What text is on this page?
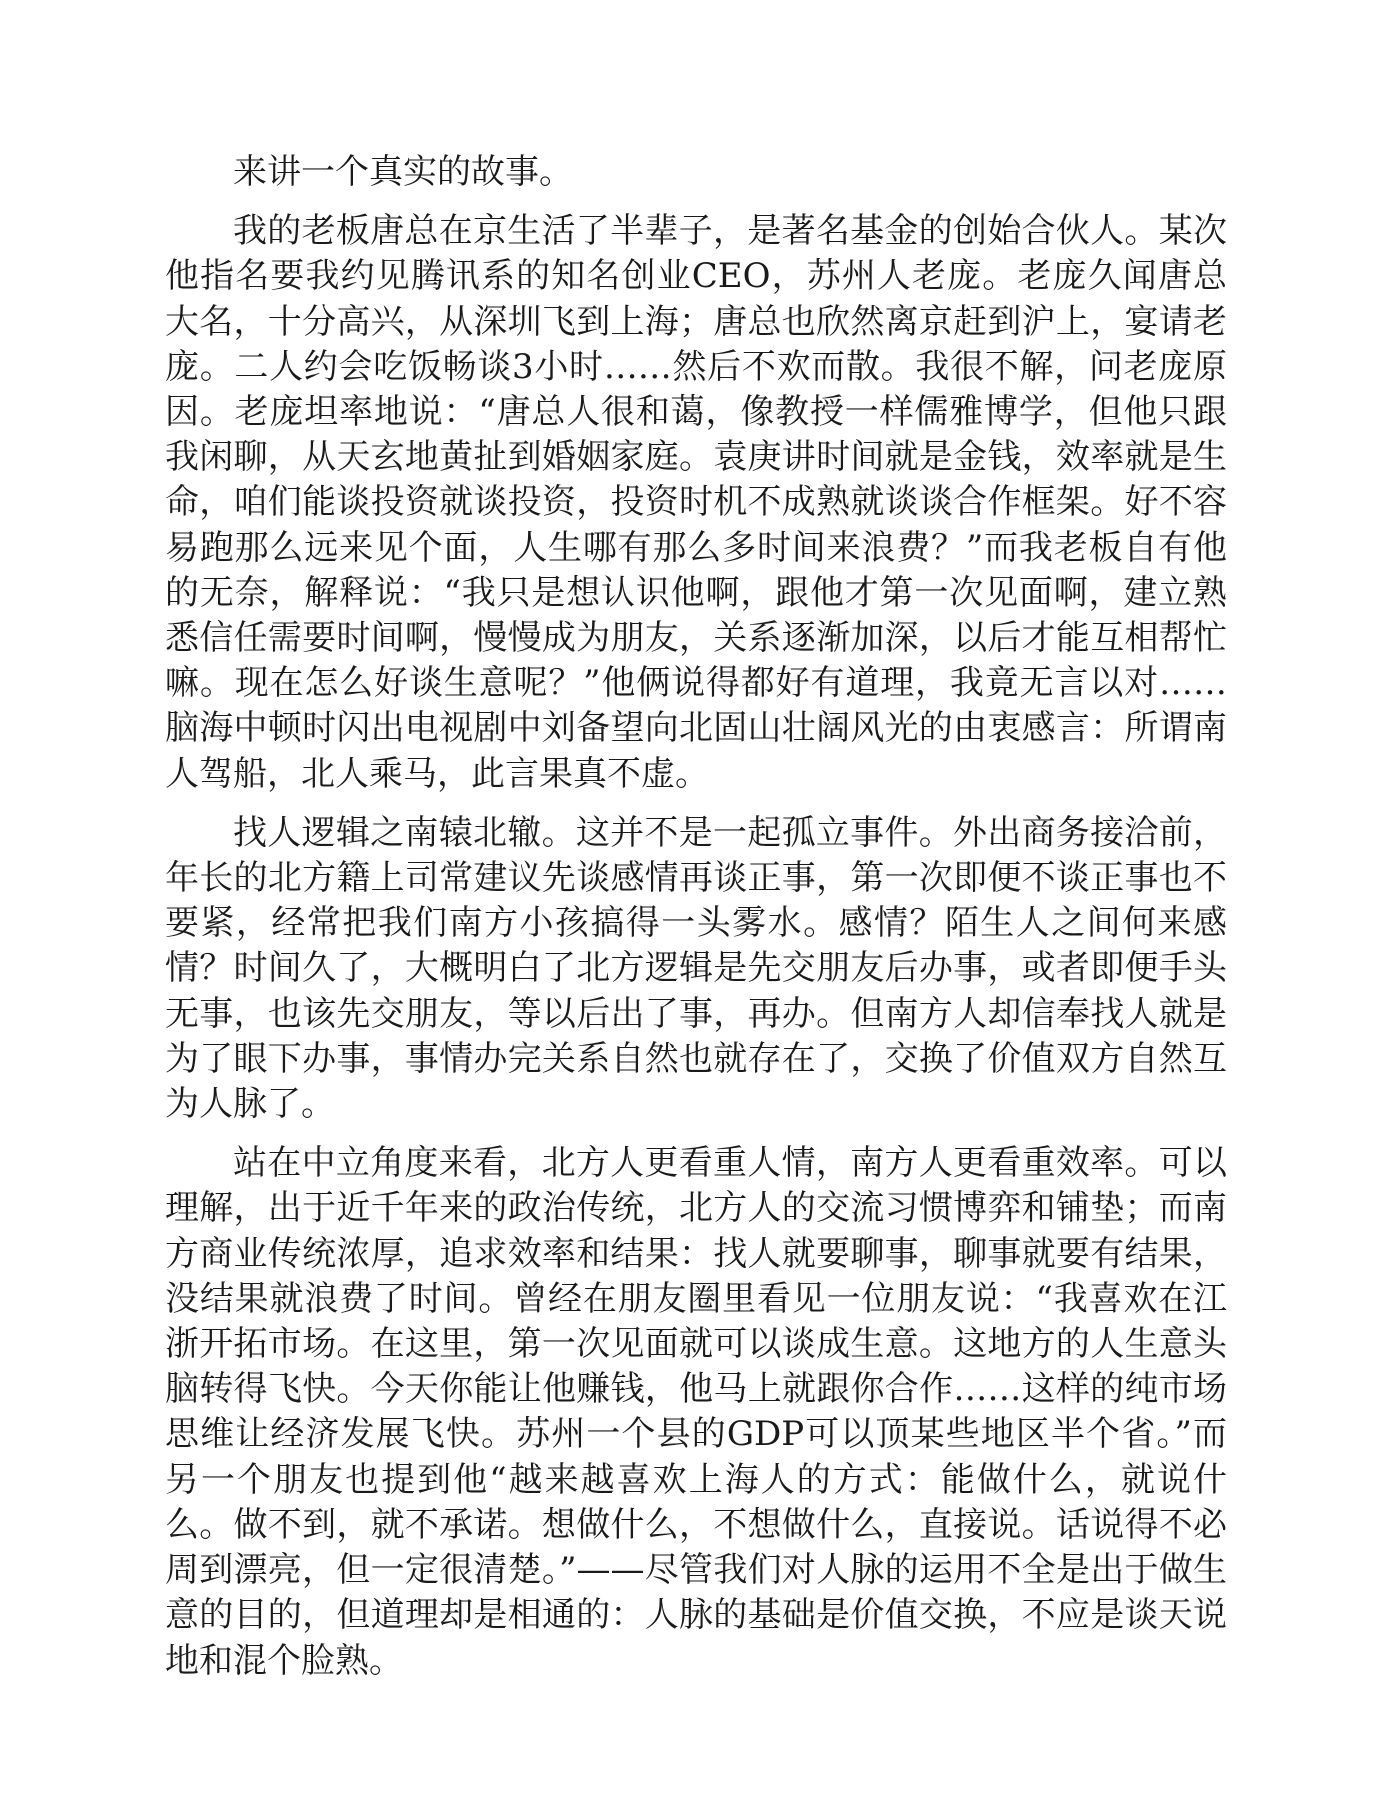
来讲一个真实的故事。

我的老板唐总在京生活了半辈子，是著名基金的创始合伙人。某次他指名要我约见腾讯系的知名创业CEO，苏州人老庞。老庞久闻唐总大名，十分高兴，从深圳飞到上海；唐总也欣然离京赶到沪上，宴请老庞。二人约会吃饭畅谈3小时……然后不欢而散。我很不解，问老庞原因。老庞坦率地说：“唐总人很和蔼，像教授一样儒雅博学，但他只跟我闲聊，从天玄地黄扯到婚姻家庭。袁庚讲时间就是金钱，效率就是生命，咱们能谈投资就谈投资，投资时机不成熟就谈谈合作框架。好不容易跑那么远来见个面，人生哪有那么多时间来浪费？”而我老板自有他的无奈，解释说：“我只是想认识他啊，跟他才第一次见面啊，建立熟悉信任需要时间啊，慢慢成为朋友，关系逐渐加深，以后才能互相帮忙嘛。现在怎么好谈生意呢？”他俩说得都好有道理，我竟无言以对……脑海中顿时闪出电视剧中刘备望向北固山壮阔风光的由衷感言：所谓南人驾船，北人乘马，此言果真不虚。

找人逻辑之南辕北辙。这并不是一起孤立事件。外出商务接洽前，年长的北方籍上司常建议先谈感情再谈正事，第一次即便不谈正事也不要紧，经常把我们南方小孩搞得一头雾水。感情？陌生人之间何来感情？时间久了，大概明白了北方逻辑是先交朋友后办事，或者即便手头无事，也该先交朋友，等以后出了事，再办。但南方人却信奉找人就是为了眼下办事，事情办完关系自然也就存在了，交换了价值双方自然互为人脉了。

站在中立角度来看，北方人更看重人情，南方人更看重效率。可以理解，出于近千年来的政治传统，北方人的交流习惯博弈和铺垫；而南方商业传统浓厚，追求效率和结果：找人就要聊事，聊事就要有结果，没结果就浪费了时间。曾经在朋友圈里看见一位朋友说：“我喜欢在江浙开拓市场。在这里，第一次见面就可以谈成生意。这地方的人生意头脑转得飞快。今天你能让他赚钱，他马上就跟你合作……这样的纯市场思维让经济发展飞快。苏州一个县的GDP可以顶某些地区半个省。”而另一个朋友也提到他“越来越喜欢上海人的方式：能做什么，就说什么。做不到，就不承诺。想做什么，不想做什么，直接说。话说得不必周到漂亮，但一定很清楚。”——尽管我们对人脉的运用不全是出于做生意的目的，但道理却是相通的：人脉的基础是价值交换，不应是谈天说地和混个脸熟。
